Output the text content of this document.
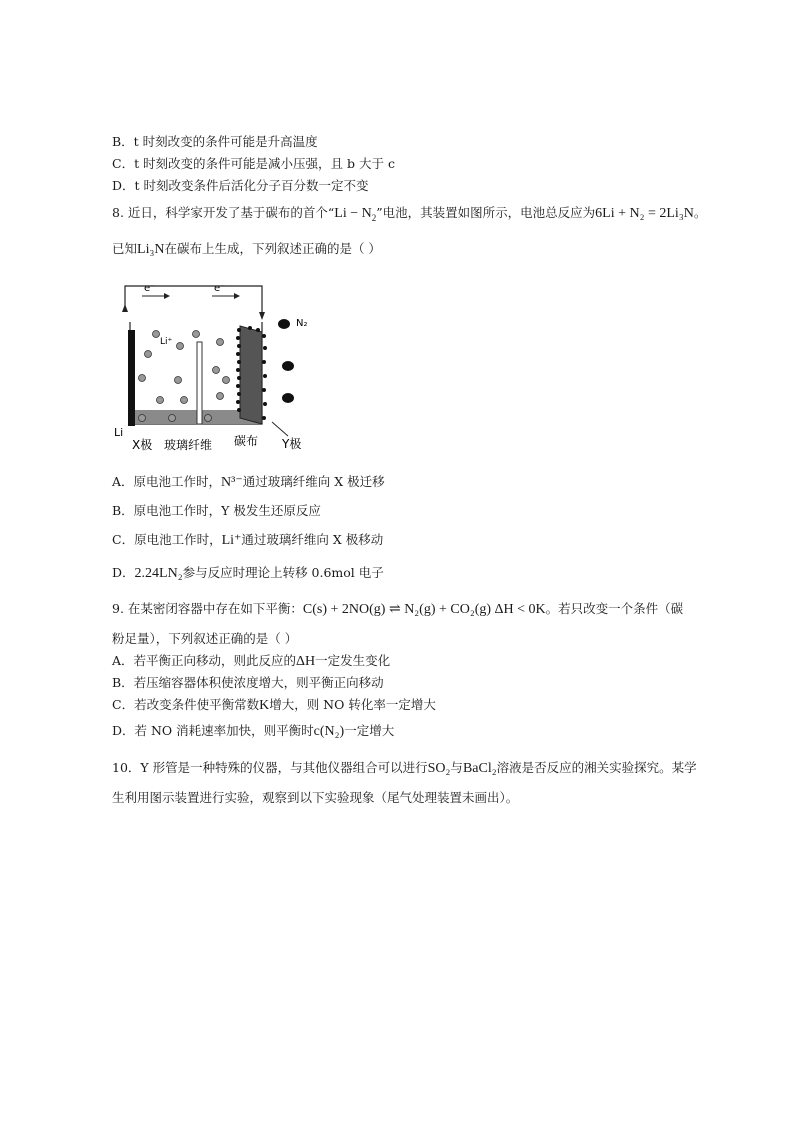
B．t 时刻改变的条件可能是升高温度
C．t 时刻改变的条件可能是减小压强，且 b 大于 c
D．t 时刻改变条件后活化分子百分数一定不变
8. 近日，科学家开发了基于碳布的首个“$Li - N_2$”电池，其装置如图所示，电池总反应为6Li + N₂ = 2Li₃N。
已知Li₃N在碳布上生成，下列叙述正确的是（ ）
e⁻	e⁻
Li⁺
N₂
Li
X极 玻璃纤维 碳布 Y极
A．原电池工作时，N³⁻通过玻璃纤维向 X 极迁移
B．原电池工作时，Y 极发生还原反应
C．原电池工作时，Li⁺通过玻璃纤维向 X 极移动
D．2.24LN₂参与反应时理论上转移 0.6mol 电子
9. 在某密闭容器中存在如下平衡：C(s) + 2NO(g) ⇌ N₂(g) + CO₂(g) ΔH < 0K。若只改变一个条件（碳
粉足量），下列叙述正确的是（ ）
A．若平衡正向移动，则此反应的ΔH一定发生变化
B．若压缩容器体积使浓度增大，则平衡正向移动
C．若改变条件使平衡常数K增大，则 NO 转化率一定增大
D．若 NO 消耗速率加快，则平衡时c(N₂)一定增大
10．Y 形管是一种特殊的仪器，与其他仪器组合可以进行SO₂与BaCl₂溶液是否反应的湘关实验探究。某学
生利用图示装置进行实验，观察到以下实验现象（尾气处理装置未画出）。
